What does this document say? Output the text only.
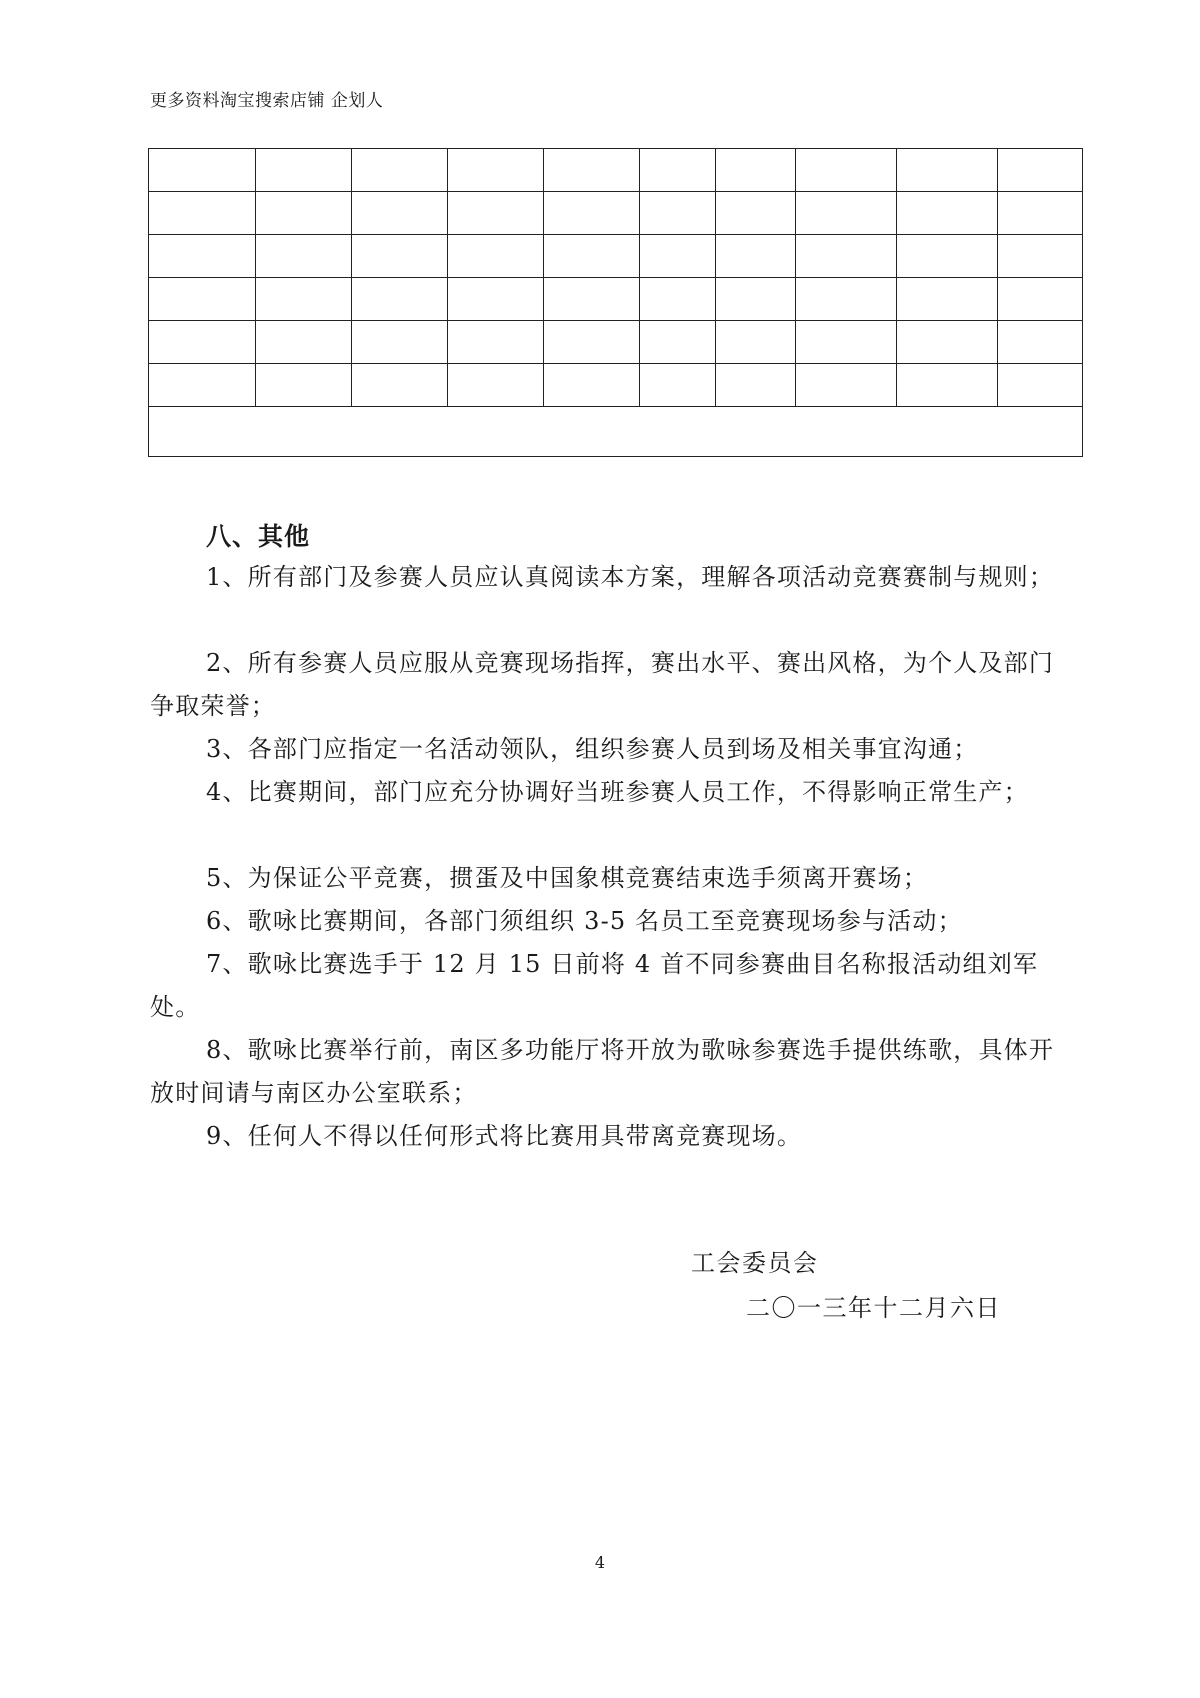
更多资料淘宝搜索店铺 企划人

八、其他

1、所有部门及参赛人员应认真阅读本方案，理解各项活动竞赛赛制与规则；

2、所有参赛人员应服从竞赛现场指挥，赛出水平、赛出风格，为个人及部门争取荣誉；

3、各部门应指定一名活动领队，组织参赛人员到场及相关事宜沟通；

4、比赛期间，部门应充分协调好当班参赛人员工作，不得影响正常生产；

5、为保证公平竞赛，掼蛋及中国象棋竞赛结束选手须离开赛场；

6、歌咏比赛期间，各部门须组织 3-5 名员工至竞赛现场参与活动；

7、歌咏比赛选手于 12 月 15 日前将 4 首不同参赛曲目名称报活动组刘军处。

8、歌咏比赛举行前，南区多功能厅将开放为歌咏参赛选手提供练歌，具体开放时间请与南区办公室联系；

9、任何人不得以任何形式将比赛用具带离竞赛现场。

工会委员会
二〇一三年十二月六日
4
